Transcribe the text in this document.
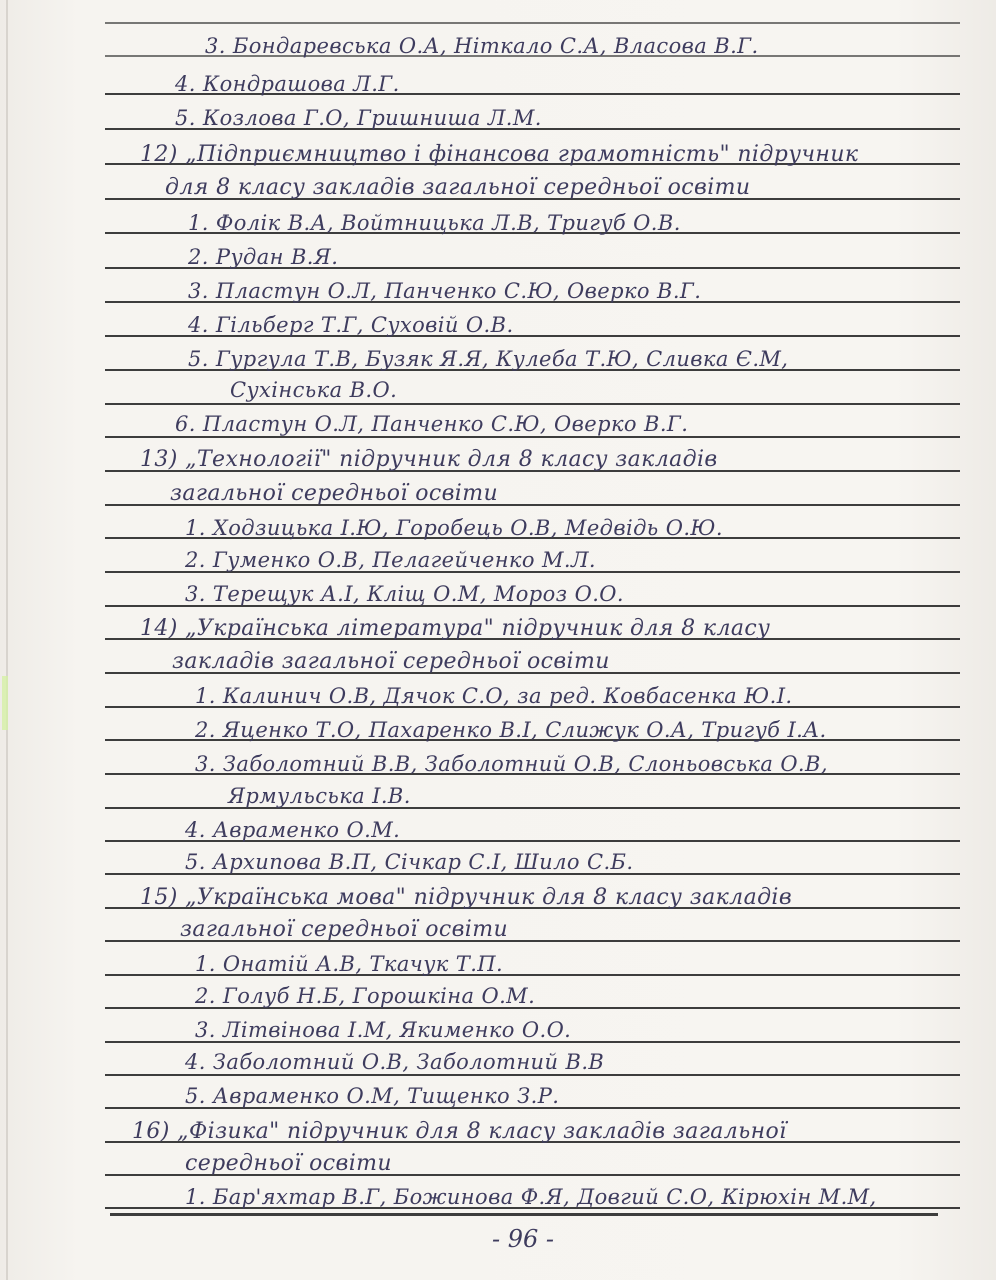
3. Бондаревська О.А, Ніткало С.А, Власова В.Г.
4. Кондрашова Л.Г.
5. Козлова Г.О, Гришниша Л.М.
12) „Підприємництво і фінансова грамотність" підручник
для 8 класу закладів загальної середньої освіти
1. Фолік В.А, Войтницька Л.В, Тригуб О.В.
2. Рудан В.Я.
3. Пластун О.Л, Панченко С.Ю, Оверко В.Г.
4. Гільберг Т.Г, Суховій О.В.
5. Гургула Т.В, Бузяк Я.Я, Кулеба Т.Ю, Сливка Є.М,
Сухінська В.О.
6. Пластун О.Л, Панченко С.Ю, Оверко В.Г.
13) „Технології" підручник для 8 класу закладів
загальної середньої освіти
1. Ходзицька І.Ю, Горобець О.В, Медвідь О.Ю.
2. Гуменко О.В, Пелагейченко М.Л.
3. Терещук А.І, Кліщ О.М, Мороз О.О.
14) „Українська література" підручник для 8 класу
закладів загальної середньої освіти
1. Калинич О.В, Дячок С.О, за ред. Ковбасенка Ю.І.
2. Яценко Т.О, Пахаренко В.І, Слижук О.А, Тригуб І.А.
3. Заболотний В.В, Заболотний О.В, Слоньовська О.В,
Ярмульська І.В.
4. Авраменко О.М.
5. Архипова В.П, Січкар С.І, Шило С.Б.
15) „Українська мова" підручник для 8 класу закладів
загальної середньої освіти
1. Онатій А.В, Ткачук Т.П.
2. Голуб Н.Б, Горошкіна О.М.
3. Літвінова І.М, Якименко О.О.
4. Заболотний О.В, Заболотний В.В
5. Авраменко О.М, Тищенко З.Р.
16) „Фізика" підручник для 8 класу закладів загальної
середньої освіти
1. Бар'яхтар В.Г, Божинова Ф.Я, Довгий С.О, Кірюхін М.М,
- 96 -
